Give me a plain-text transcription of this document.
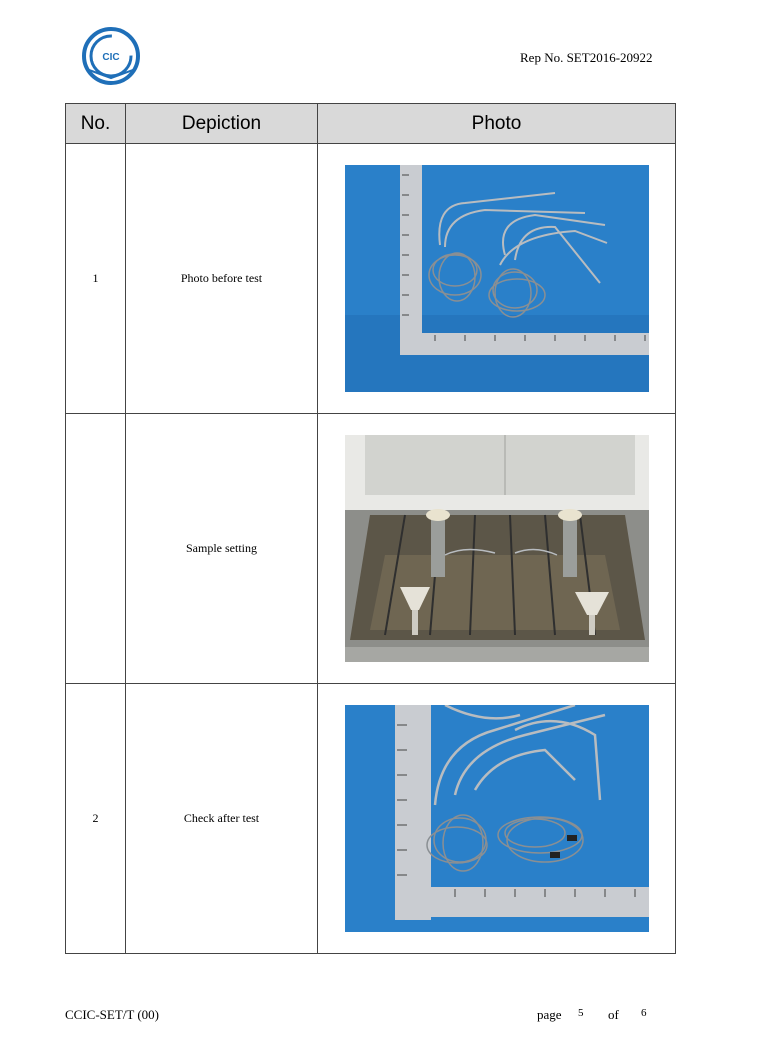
CIC	Rep No. SET2016-20922
No.	Depiction	Photo
1	Photo before test	

	Sample setting	

2	Check after test	
CCIC-SET/T (00)	page 5 of 6
